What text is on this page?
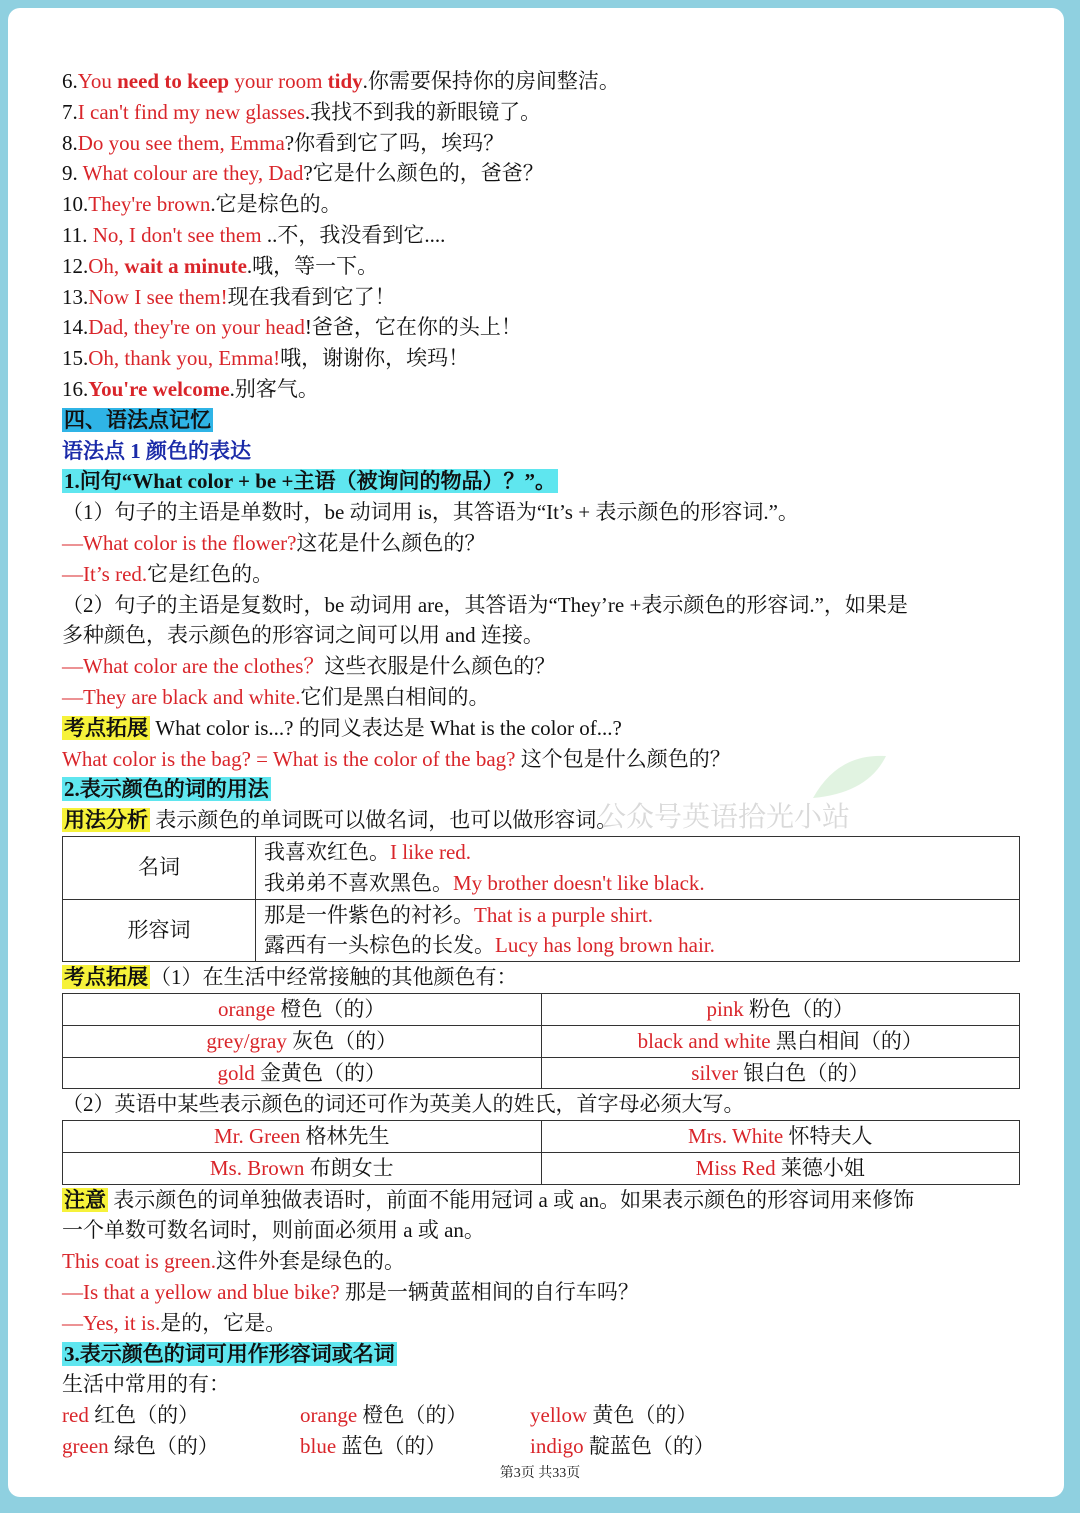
6.You need to keep your room tidy.你需要保持你的房间整洁。
7.I can't find my new glasses.我找不到我的新眼镜了。
8.Do you see them, Emma?你看到它了吗，埃玛？
9. What colour are they, Dad?它是什么颜色的，爸爸？
10.They're brown.它是棕色的。
11. No, I don't see them ..不，我没看到它....
12.Oh, wait a minute.哦，等一下。
13.Now I see them!现在我看到它了！
14.Dad, they're on your head!爸爸，它在你的头上！
15.Oh, thank you, Emma!哦，谢谢你，埃玛！
16.You're welcome.别客气。
四、语法点记忆
语法点 1 颜色的表达
1.问句“What color + be +主语（被询问的物品）？”。
（1）句子的主语是单数时，be 动词用 is，其答语为“It’s + 表示颜色的形容词.”。
—What color is the flower?这花是什么颜色的？
—It’s red.它是红色的。
（2）句子的主语是复数时，be 动词用 are，其答语为“They’re +表示颜色的形容词.”，如果是
多种颜色，表示颜色的形容词之间可以用 and 连接。
—What color are the clothes？这些衣服是什么颜色的？
—They are black and white.它们是黑白相间的。
考点拓展 What color is...? 的同义表达是 What is the color of...?
What color is the bag? = What is the color of the bag? 这个包是什么颜色的？
2.表示颜色的词的用法
用法分析 表示颜色的单词既可以做名词，也可以做形容词。
名词	我喜欢红色。I like red.
我弟弟不喜欢黑色。My brother doesn't like black.

形容词	那是一件紫色的衬衫。That is a purple shirt.
露西有一头棕色的长发。Lucy has long brown hair.
考点拓展（1）在生活中经常接触的其他颜色有：
orange 橙色（的）	pink 粉色（的）
grey/gray 灰色（的）	black and white 黑白相间（的）
gold 金黄色（的）	silver 银白色（的）
（2）英语中某些表示颜色的词还可作为英美人的姓氏，首字母必须大写。
Mr. Green 格林先生	Mrs. White 怀特夫人
Ms. Brown 布朗女士	Miss Red 莱德小姐
注意 表示颜色的词单独做表语时，前面不能用冠词 a 或 an。如果表示颜色的形容词用来修饰
一个单数可数名词时，则前面必须用 a 或 an。
This coat is green.这件外套是绿色的。
—Is that a yellow and blue bike? 那是一辆黄蓝相间的自行车吗？
—Yes, it is.是的，它是。
3.表示颜色的词可用作形容词或名词
生活中常用的有：
red 红色（的）	orange 橙色（的）	yellow 黄色（的）
green 绿色（的）	blue 蓝色（的）	indigo 靛蓝色（的）
公众号英语拾光小站
第3页 共33页
